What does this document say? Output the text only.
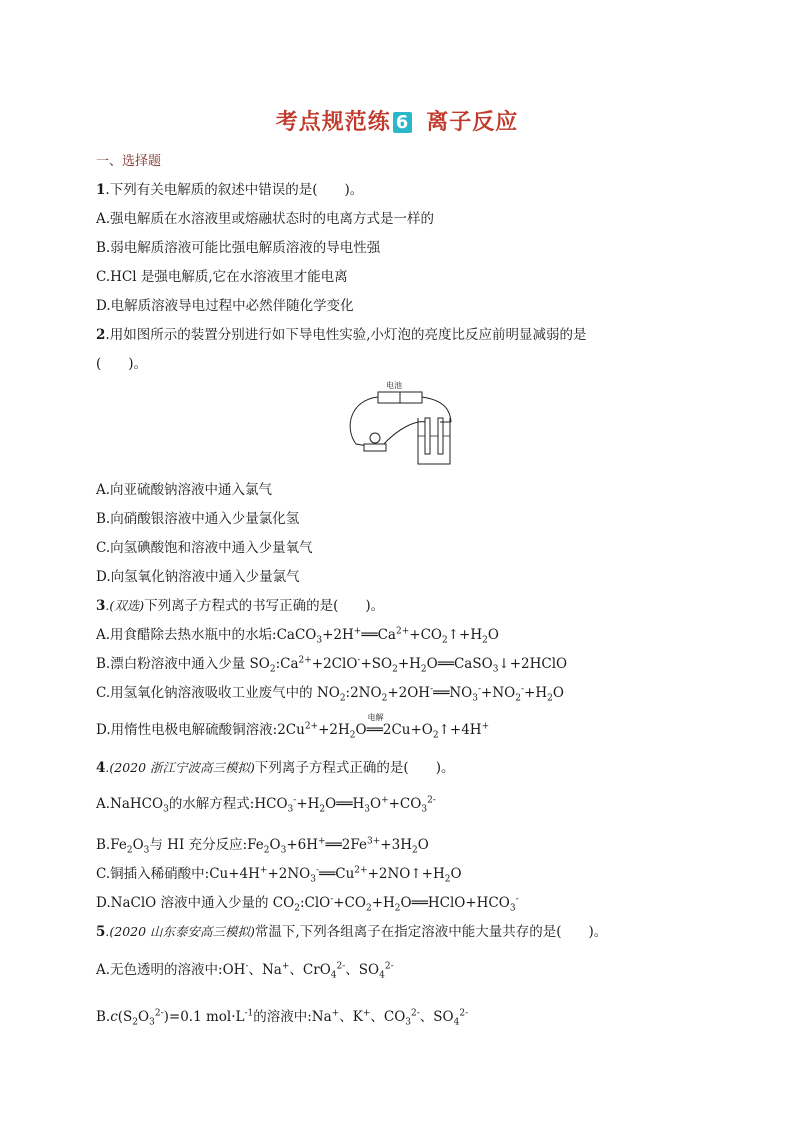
考点规范练 6 离子反应
一、选择题
1.下列有关电解质的叙述中错误的是(　　)。
A.强电解质在水溶液里或熔融状态时的电离方式是一样的
B.弱电解质溶液可能比强电解质溶液的导电性强
C.HCl 是强电解质,它在水溶液里才能电离
D.电解质溶液导电过程中必然伴随化学变化
2.用如图所示的装置分别进行如下导电性实验,小灯泡的亮度比反应前明显减弱的是
(　　)。
电池
A.向亚硫酸钠溶液中通入氯气
B.向硝酸银溶液中通入少量氯化氢
C.向氢碘酸饱和溶液中通入少量氧气
D.向氢氧化钠溶液中通入少量氯气
3.(双选)下列离子方程式的书写正确的是(　　)。
A.用食醋除去热水瓶中的水垢$:CaCO_3+2H^+══Ca^{2+}+CO_2↑+H_2O$
B.漂白粉溶液中通入少量 $SO_2:Ca^{2+}+2ClO^-+SO_2+H_2O══CaSO_3↓+2HClO$
C.用氢氧化钠溶液吸收工业废气中的 $NO_2:2NO_2+2OH^-══NO_3^-+NO_2^-+H_2O$
D.用惰性电极电解硫酸铜溶液$:2Cu^{2+}+2H_2O$
电解
$══2Cu+O_2↑+4H^+$
4.(2020 浙江宁波高三模拟)下列离子方程式正确的是(　　)。
A.NaHCO$_3$的水解方程式$:HCO_3^-+H_2O══H_3O^++CO_3^{2-}$
$B.Fe_2O_3$与 HI 充分反应$:Fe_2O_3+6H^+══2Fe^{3+}+3H_2O$
C.铜插入稀硝酸中$:Cu+4H^++2NO_3^-══Cu^{2+}+2NO↑+H_2O$
D.NaClO 溶液中通入少量的 $CO_2:ClO^-+CO_2+H_2O══HClO+HCO_3^-$
5.(2020 山东泰安高三模拟)常温下,下列各组离子在指定溶液中能大量共存的是(　　)。
A.无色透明的溶液中:OH-、Na+、CrO$_4^{2-}$、$SO_4^{2-}$
$B.c(S_2O_3^{2-})=0.1$ $mol\cdot L^{-1}$的溶液中:Na+、K+、$CO_3^{2-}$、$SO_4^{2-}$
